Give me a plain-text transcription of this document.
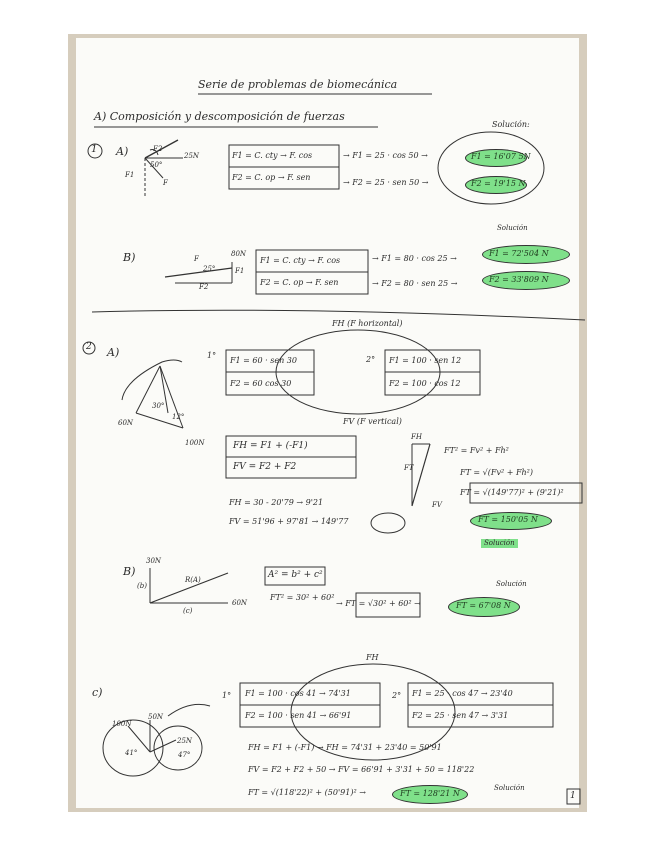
Serie de problemas de biomecánica
A) Composición y descomposición de fuerzas
Solución:
1 A)	25N
50°
F2
F1
F
F1 = C. cty → F. cos
F2 = C. op → F. sen
→ F1 = 25 · cos 50 →
→ F2 = 25 · sen 50 →
F1 = 16'07 5N
F2 = 19'15 N
B)	80N
25°
F
F1
F2
Solución
F1 = C. cty → F. cos
F2 = C. op → F. sen
→ F1 = 80 · cos 25 →
→ F2 = 80 · sen 25 →
F1 = 72'504 N
F2 = 33'809 N
2 A)
FH (F horizontal)
FV (F vertical)
60N
100N
30°
12°
1°
F1 = 60 · sen 30
F2 = 60 cos 30
2° F1 = 100 · sen 12
F2 = 100 · cos 12
FH = F1 + (-F1)
FV = F2 + F2
FH = 30 - 20'79 → 9'21
FV = 51'96 + 97'81 → 149'77
FH
FV
FT
FT² = Fv² + Fh²
FT = √(Fv² + Fh²)
FT = √(149'77)² + (9'21)²
FT = 150'05 N
Solución
B)
30N
60N
(b)
(c)
R(A)	A² = b² + c²
FT² = 30² + 60²
→ FT = √30² + 60² →
Solución
FT = 67'08 N
c)
FH
100N
50N
25N
41°	47°
1° F1 = 100 · cos 41 → 74'31
F2 = 100 · sen 41 → 66'91
2° F1 = 25 · cos 47 → 23'40
F2 = 25 · sen 47 → 3'31
FH = F1 + (-F1) → FH = 74'31 + 23'40 = 50'91
FV = F2 + F2 + 50 → FV = 66'91 + 3'31 + 50 = 118'22
FT = √(118'22)² + (50'91)² →	FT = 128'21 N
Solución
1
